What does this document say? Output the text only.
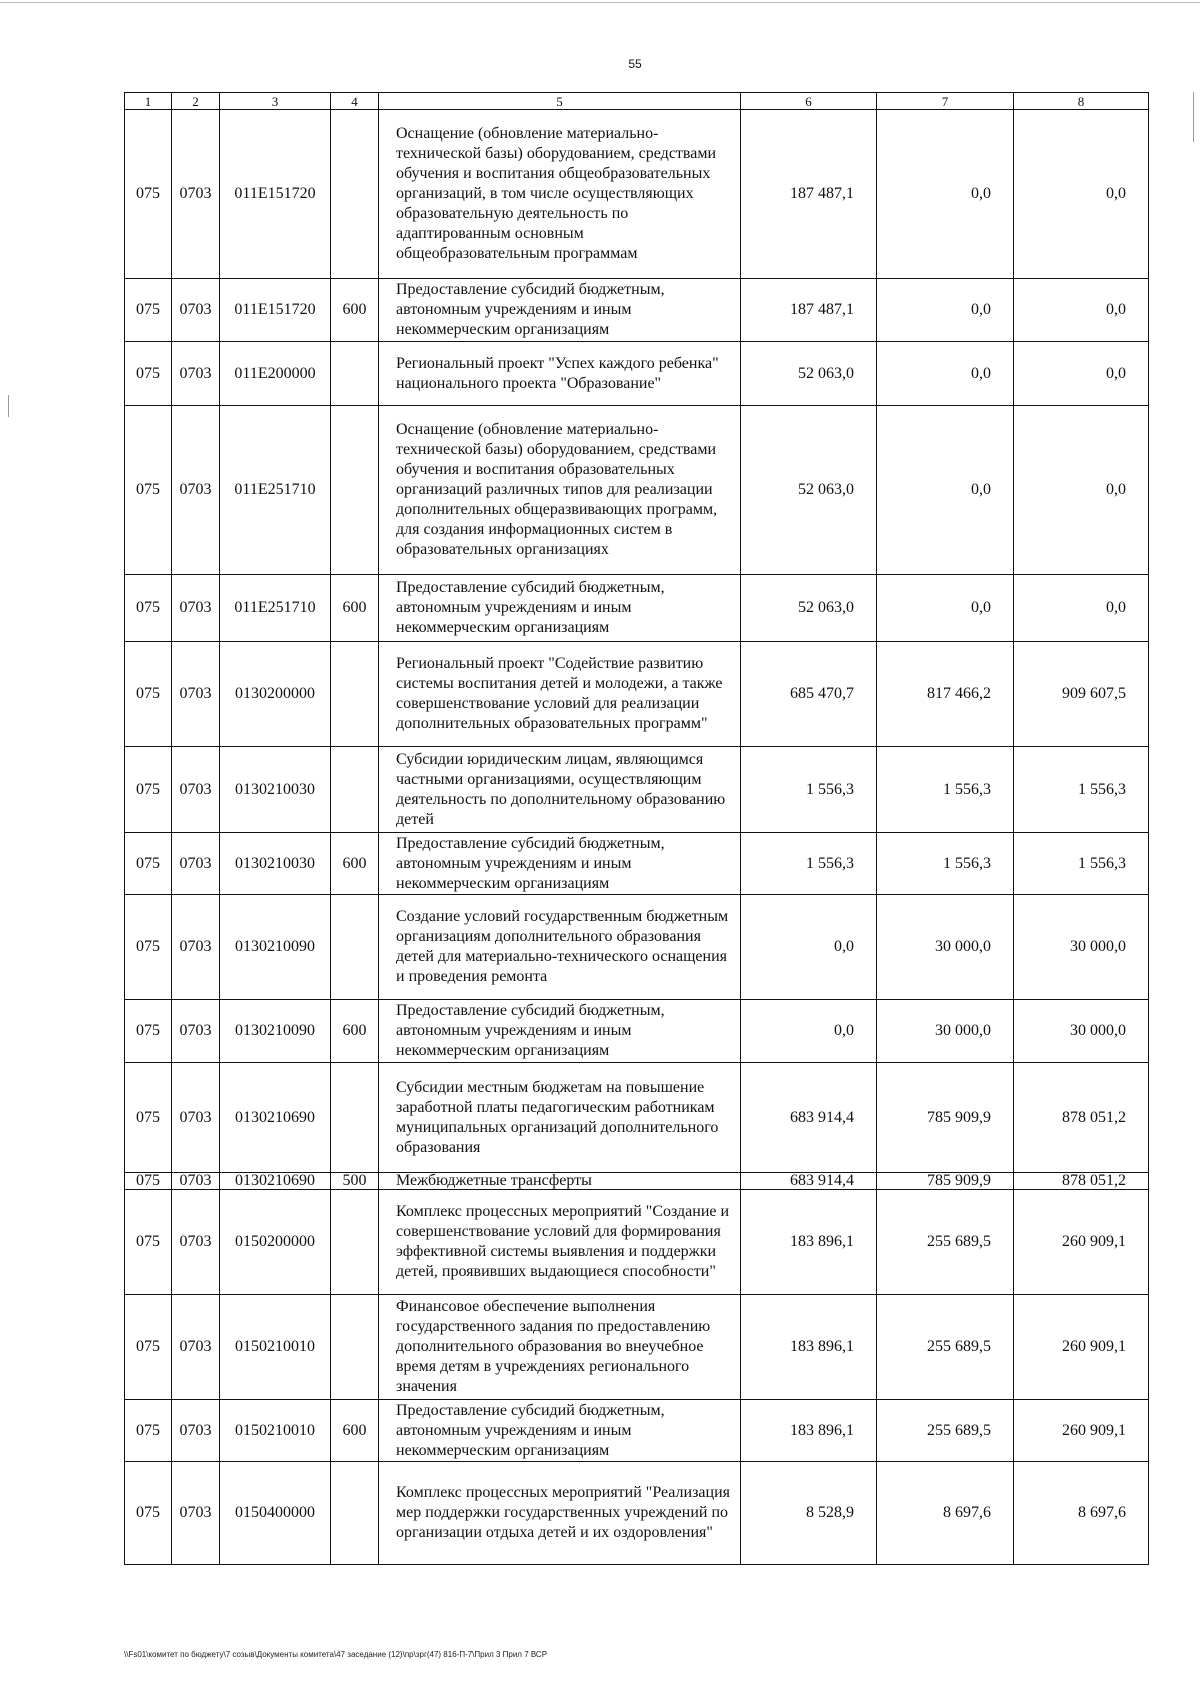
55
1	2	3	4	5	6	7	8
075	0703	011E151720		Оснащение (обновление материально-технической базы) оборудованием, средствами обучения и воспитания общеобразовательных организаций, в том числе осуществляющих образовательную деятельность по адаптированным основным общеобразовательным программам	187 487,1	0,0	0,0
075	0703	011E151720	600	Предоставление субсидий бюджетным, автономным учреждениям и иным некоммерческим организациям	187 487,1	0,0	0,0
075	0703	011E200000		Региональный проект "Успех каждого ребенка" национального проекта "Образование"	52 063,0	0,0	0,0
075	0703	011E251710		Оснащение (обновление материально-технической базы) оборудованием, средствами обучения и воспитания образовательных организаций различных типов для реализации дополнительных общеразвивающих программ, для создания информационных систем в образовательных организациях	52 063,0	0,0	0,0
075	0703	011E251710	600	Предоставление субсидий бюджетным, автономным учреждениям и иным некоммерческим организациям	52 063,0	0,0	0,0
075	0703	0130200000		Региональный проект "Содействие развитию системы воспитания детей и молодежи, а также совершенствование условий для реализации дополнительных образовательных программ"	685 470,7	817 466,2	909 607,5
075	0703	0130210030		Субсидии юридическим лицам, являющимся частными организациями, осуществляющим деятельность по дополнительному образованию детей	1 556,3	1 556,3	1 556,3
075	0703	0130210030	600	Предоставление субсидий бюджетным, автономным учреждениям и иным некоммерческим организациям	1 556,3	1 556,3	1 556,3
075	0703	0130210090		Создание условий государственным бюджетным организациям дополнительного образования детей для материально-технического оснащения и проведения ремонта	0,0	30 000,0	30 000,0
075	0703	0130210090	600	Предоставление субсидий бюджетным, автономным учреждениям и иным некоммерческим организациям	0,0	30 000,0	30 000,0
075	0703	0130210690		Субсидии местным бюджетам на повышение заработной платы педагогическим работникам муниципальных организаций дополнительного образования	683 914,4	785 909,9	878 051,2
075	0703	0130210690	500	Межбюджетные трансферты	683 914,4	785 909,9	878 051,2
075	0703	0150200000		Комплекс процессных мероприятий "Создание и совершенствование условий для формирования эффективной системы выявления и поддержки детей, проявивших выдающиеся способности"	183 896,1	255 689,5	260 909,1
075	0703	0150210010		Финансовое обеспечение выполнения государственного задания по предоставлению дополнительного образования во внеучебное время детям в учреждениях регионального значения	183 896,1	255 689,5	260 909,1
075	0703	0150210010	600	Предоставление субсидий бюджетным, автономным учреждениям и иным некоммерческим организациям	183 896,1	255 689,5	260 909,1
075	0703	0150400000		Комплекс процессных мероприятий "Реализация мер поддержки государственных учреждений по организации отдыха детей и их оздоровления"	8 528,9	8 697,6	8 697,6
\\Fs01\комитет по бюджету\7 созыв\Документы комитета\47 заседание (12)\пр\зрг(47) 816-П-7\Прил 3 Прил 7 ВСР
